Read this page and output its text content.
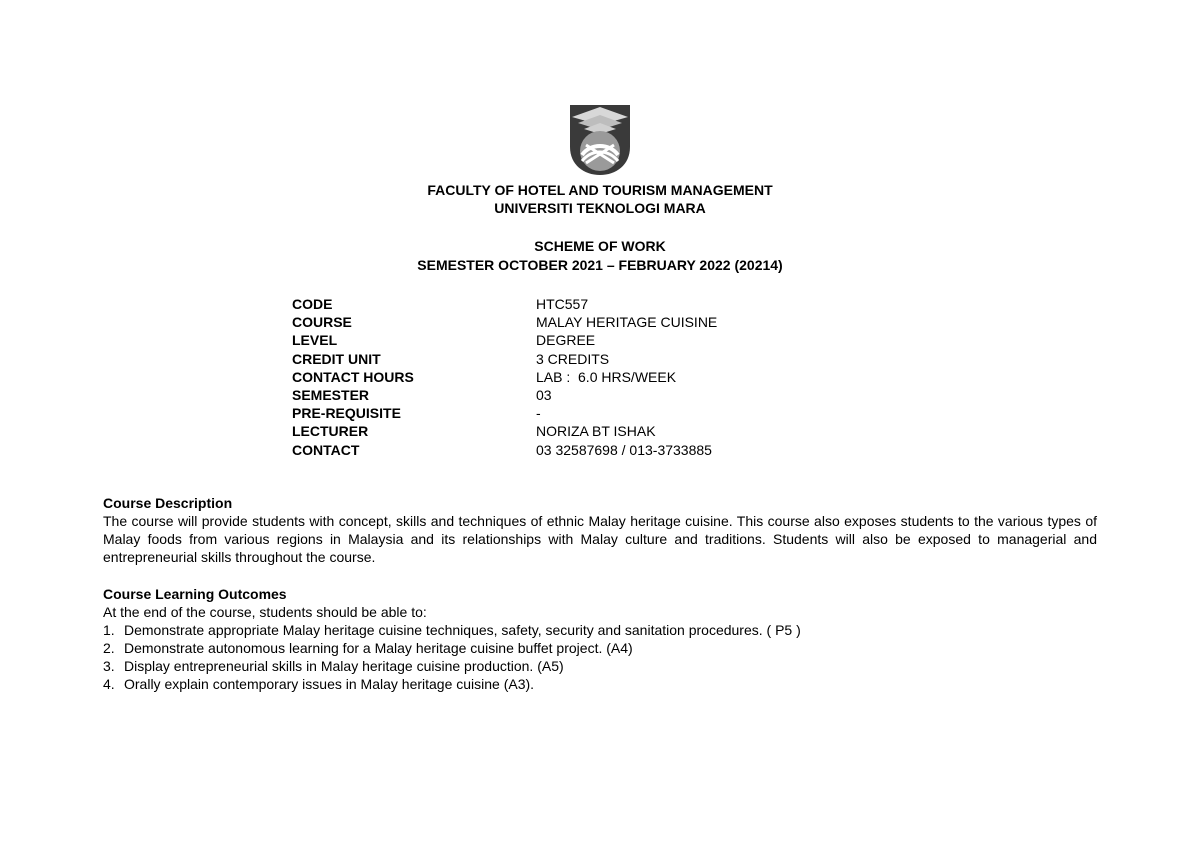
FACULTY OF HOTEL AND TOURISM MANAGEMENT
UNIVERSITI TEKNOLOGI MARA
SCHEME OF WORK
SEMESTER OCTOBER 2021 – FEBRUARY 2022 (20214)
CODE	HTC557
COURSE	MALAY HERITAGE CUISINE
LEVEL	DEGREE
CREDIT UNIT	3 CREDITS
CONTACT HOURS	LAB :  6.0 HRS/WEEK
SEMESTER	03
PRE-REQUISITE	-
LECTURER	NORIZA BT ISHAK
CONTACT	03 32587698 / 013-3733885
Course Description

The course will provide students with concept, skills and techniques of ethnic Malay heritage cuisine. This course also exposes students to the various types of Malay foods from various regions in Malaysia and its relationships with Malay culture and traditions. Students will also be exposed to managerial and entrepreneurial skills throughout the course.

Course Learning Outcomes
At the end of the course, students should be able to:
1. Demonstrate appropriate Malay heritage cuisine techniques, safety, security and sanitation procedures. ( P5 )
2. Demonstrate autonomous learning for a Malay heritage cuisine buffet project. (A4)
3. Display entrepreneurial skills in Malay heritage cuisine production. (A5)
4. Orally explain contemporary issues in Malay heritage cuisine (A3).
